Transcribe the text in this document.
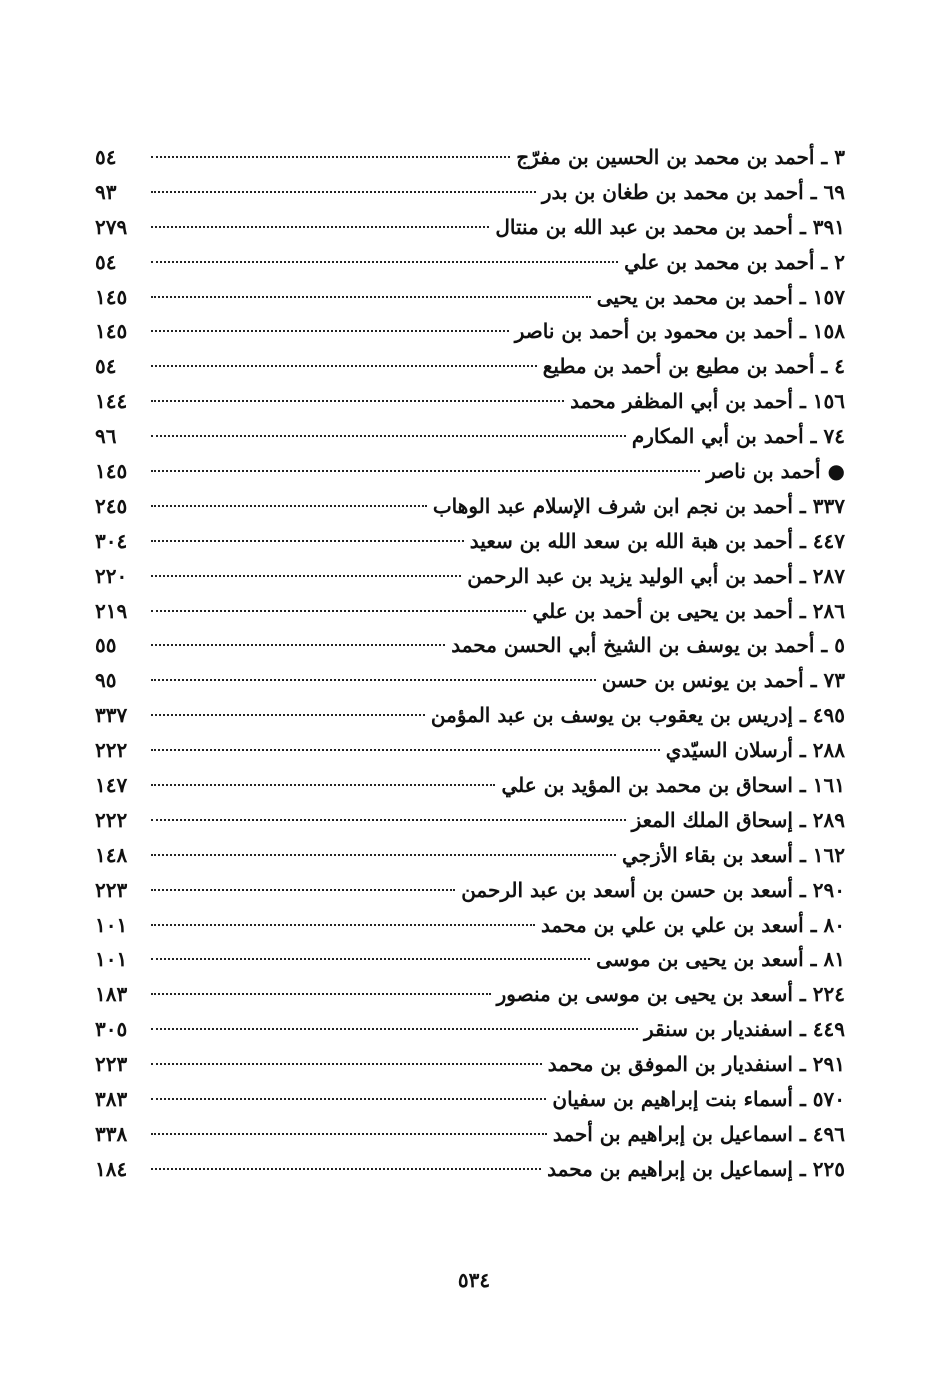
٣ ـ أحمد بن محمد بن الحسين بن مفرّج
٥٤
٦٩ ـ أحمد بن محمد بن طغان بن بدر
٩٣
٣٩١ ـ أحمد بن محمد بن عبد الله بن منتال
٢٧٩
٢ ـ أحمد بن محمد بن علي
٥٤
١٥٧ ـ أحمد بن محمد بن يحيى
١٤٥
١٥٨ ـ أحمد بن محمود بن أحمد بن ناصر
١٤٥
٤ ـ أحمد بن مطيع بن أحمد بن مطيع
٥٤
١٥٦ ـ أحمد بن أبي المظفر محمد
١٤٤
٧٤ ـ أحمد بن أبي المكارم
٩٦
● أحمد بن ناصر
١٤٥
٣٣٧ ـ أحمد بن نجم ابن شرف الإسلام عبد الوهاب
٢٤٥
٤٤٧ ـ أحمد بن هبة الله بن سعد الله بن سعيد
٣٠٤
٢٨٧ ـ أحمد بن أبي الوليد يزيد بن عبد الرحمن
٢٢٠
٢٨٦ ـ أحمد بن يحيى بن أحمد بن علي
٢١٩
٥ ـ أحمد بن يوسف بن الشيخ أبي الحسن محمد
٥٥
٧٣ ـ أحمد بن يونس بن حسن
٩٥
٤٩٥ ـ إدريس بن يعقوب بن يوسف بن عبد المؤمن
٣٣٧
٢٨٨ ـ أرسلان السيّدي
٢٢٢
١٦١ ـ اسحاق بن محمد بن المؤيد بن علي
١٤٧
٢٨٩ ـ إسحاق الملك المعز
٢٢٢
١٦٢ ـ أسعد بن بقاء الأزجي
١٤٨
٢٩٠ ـ أسعد بن حسن بن أسعد بن عبد الرحمن
٢٢٣
٨٠ ـ أسعد بن علي بن علي بن محمد
١٠١
٨١ ـ أسعد بن يحيى بن موسى
١٠١
٢٢٤ ـ أسعد بن يحيى بن موسى بن منصور
١٨٣
٤٤٩ ـ اسفنديار بن سنقر
٣٠٥
٢٩١ ـ اسنفديار بن الموفق بن محمد
٢٢٣
٥٧٠ ـ أسماء بنت إبراهيم بن سفيان
٣٨٣
٤٩٦ ـ اسماعيل بن إبراهيم بن أحمد
٣٣٨
٢٢٥ ـ إسماعيل بن إبراهيم بن محمد
١٨٤
٥٣٤
